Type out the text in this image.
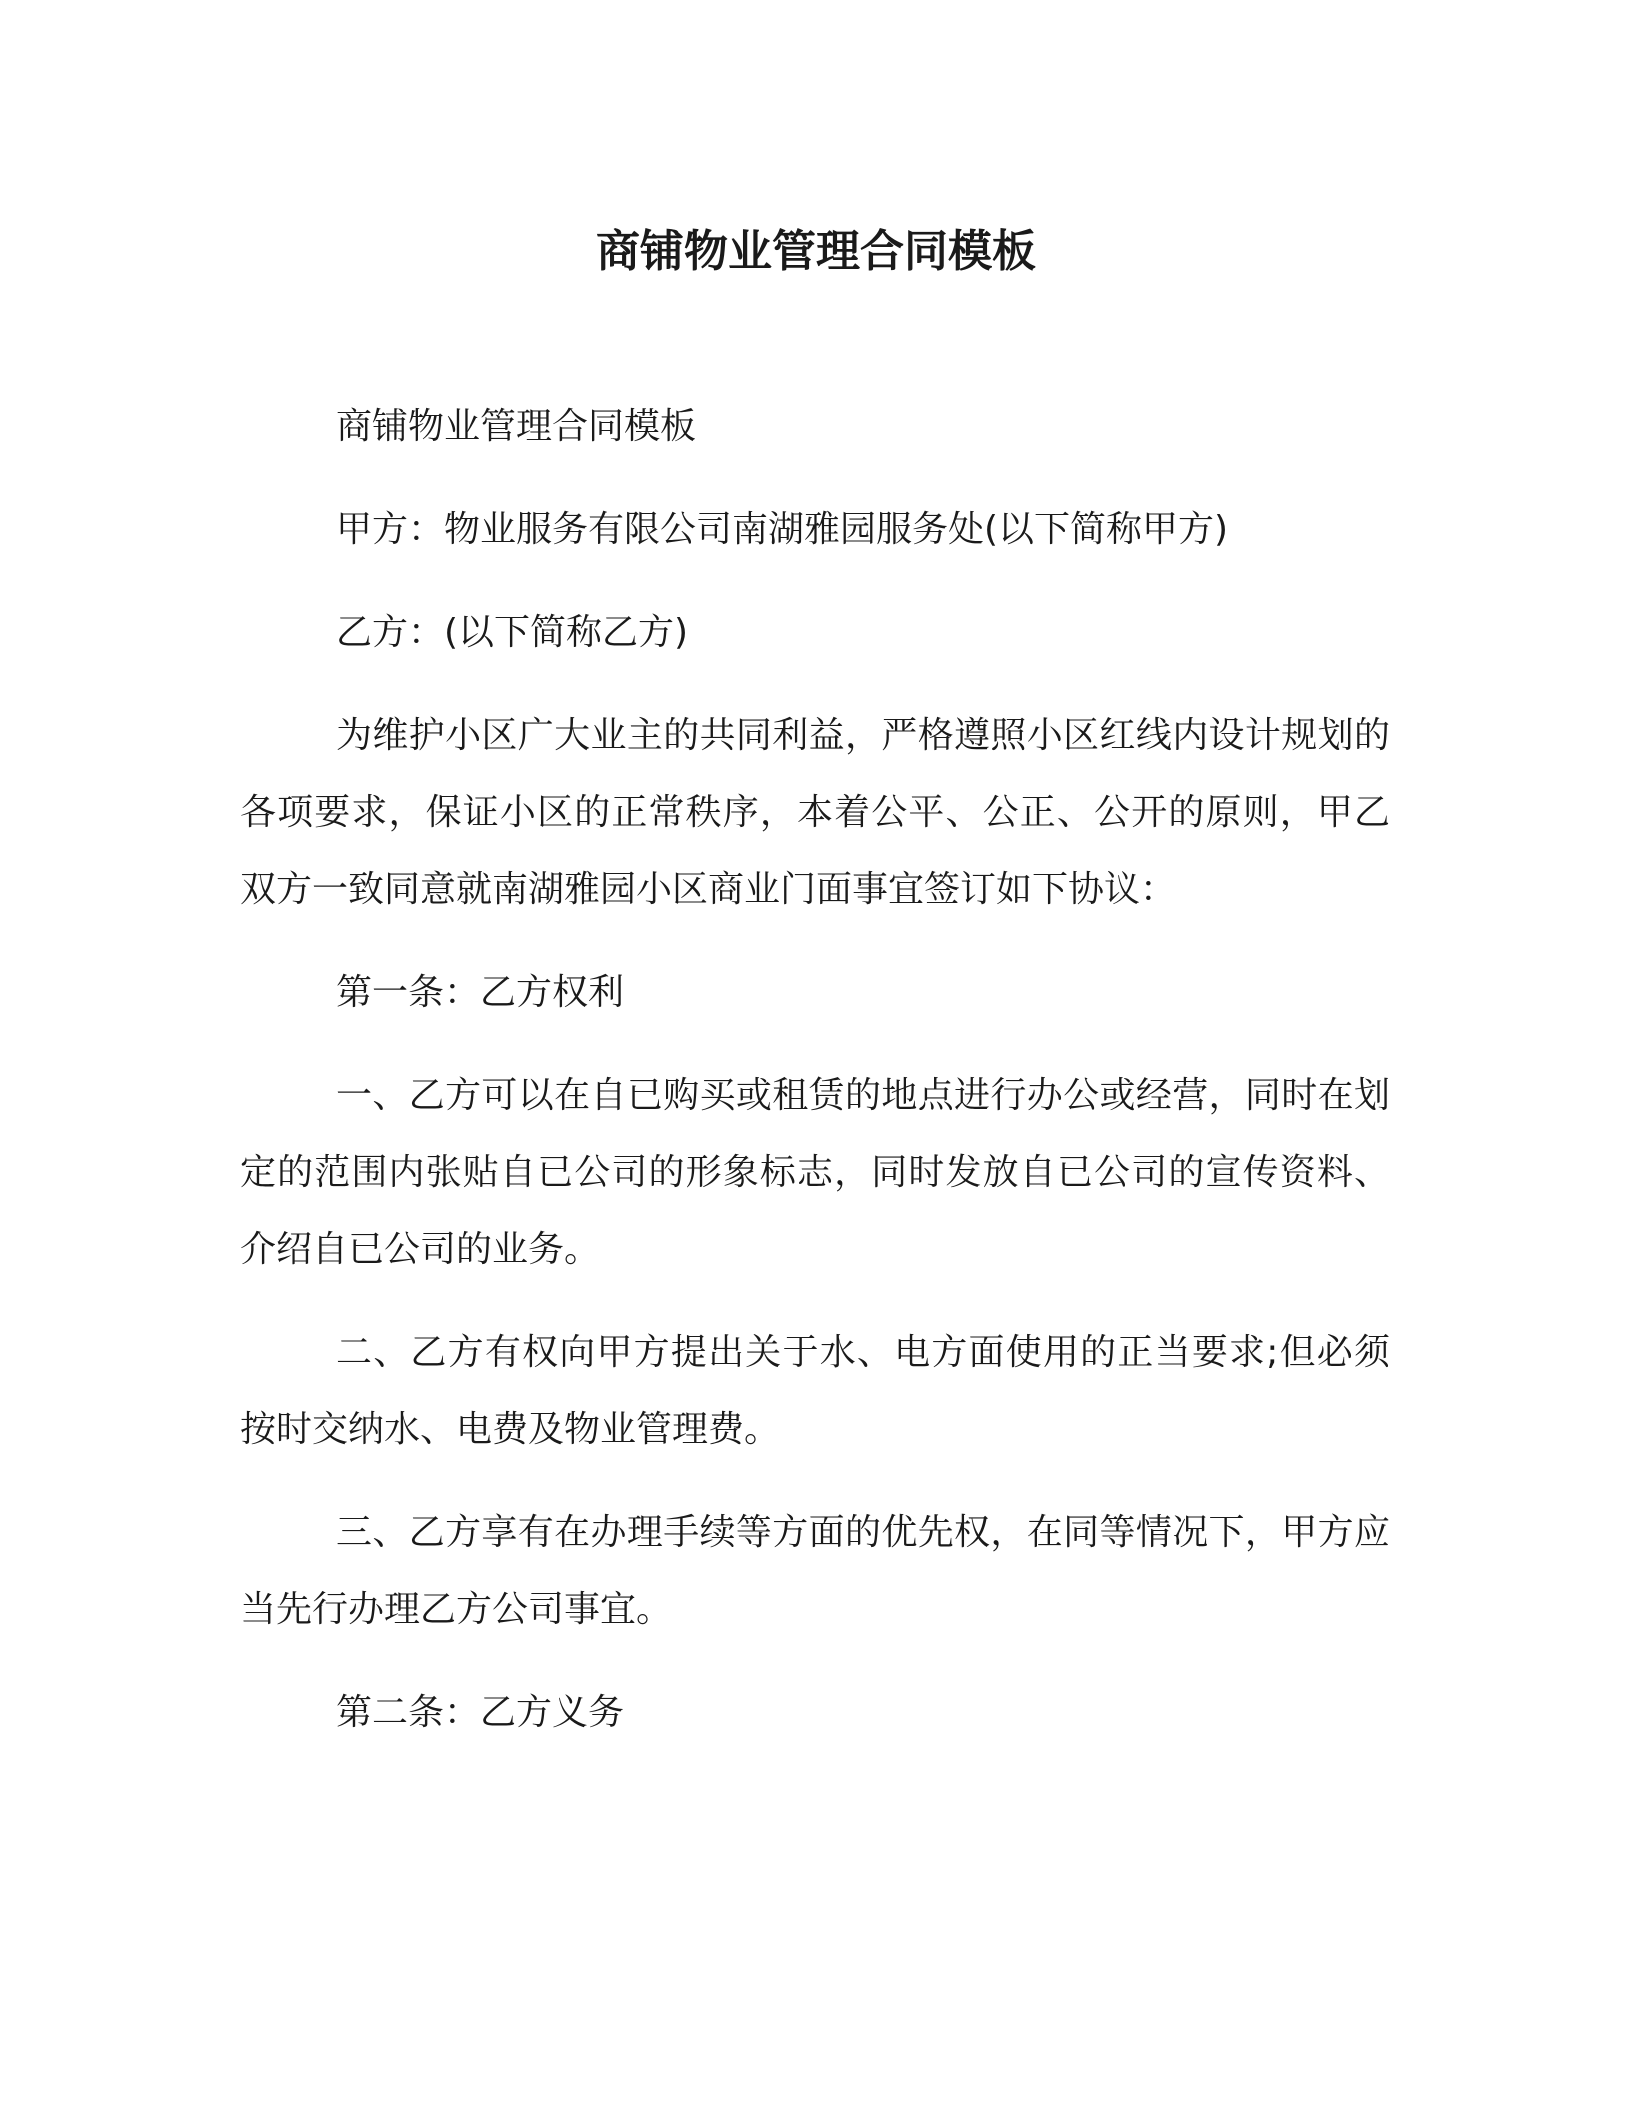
商铺物业管理合同模板

商铺物业管理合同模板

甲方：物业服务有限公司南湖雅园服务处(以下简称甲方)

乙方：(以下简称乙方)

为维护小区广大业主的共同利益，严格遵照小区红线内设计规划的各项要求，保证小区的正常秩序，本着公平、公正、公开的原则，甲乙双方一致同意就南湖雅园小区商业门面事宜签订如下协议：

第一条：乙方权利

一、乙方可以在自已购买或租赁的地点进行办公或经营，同时在划定的范围内张贴自已公司的形象标志，同时发放自已公司的宣传资料、介绍自已公司的业务。

二、乙方有权向甲方提出关于水、电方面使用的正当要求;但必须按时交纳水、电费及物业管理费。

三、乙方享有在办理手续等方面的优先权，在同等情况下，甲方应当先行办理乙方公司事宜。

第二条：乙方义务
